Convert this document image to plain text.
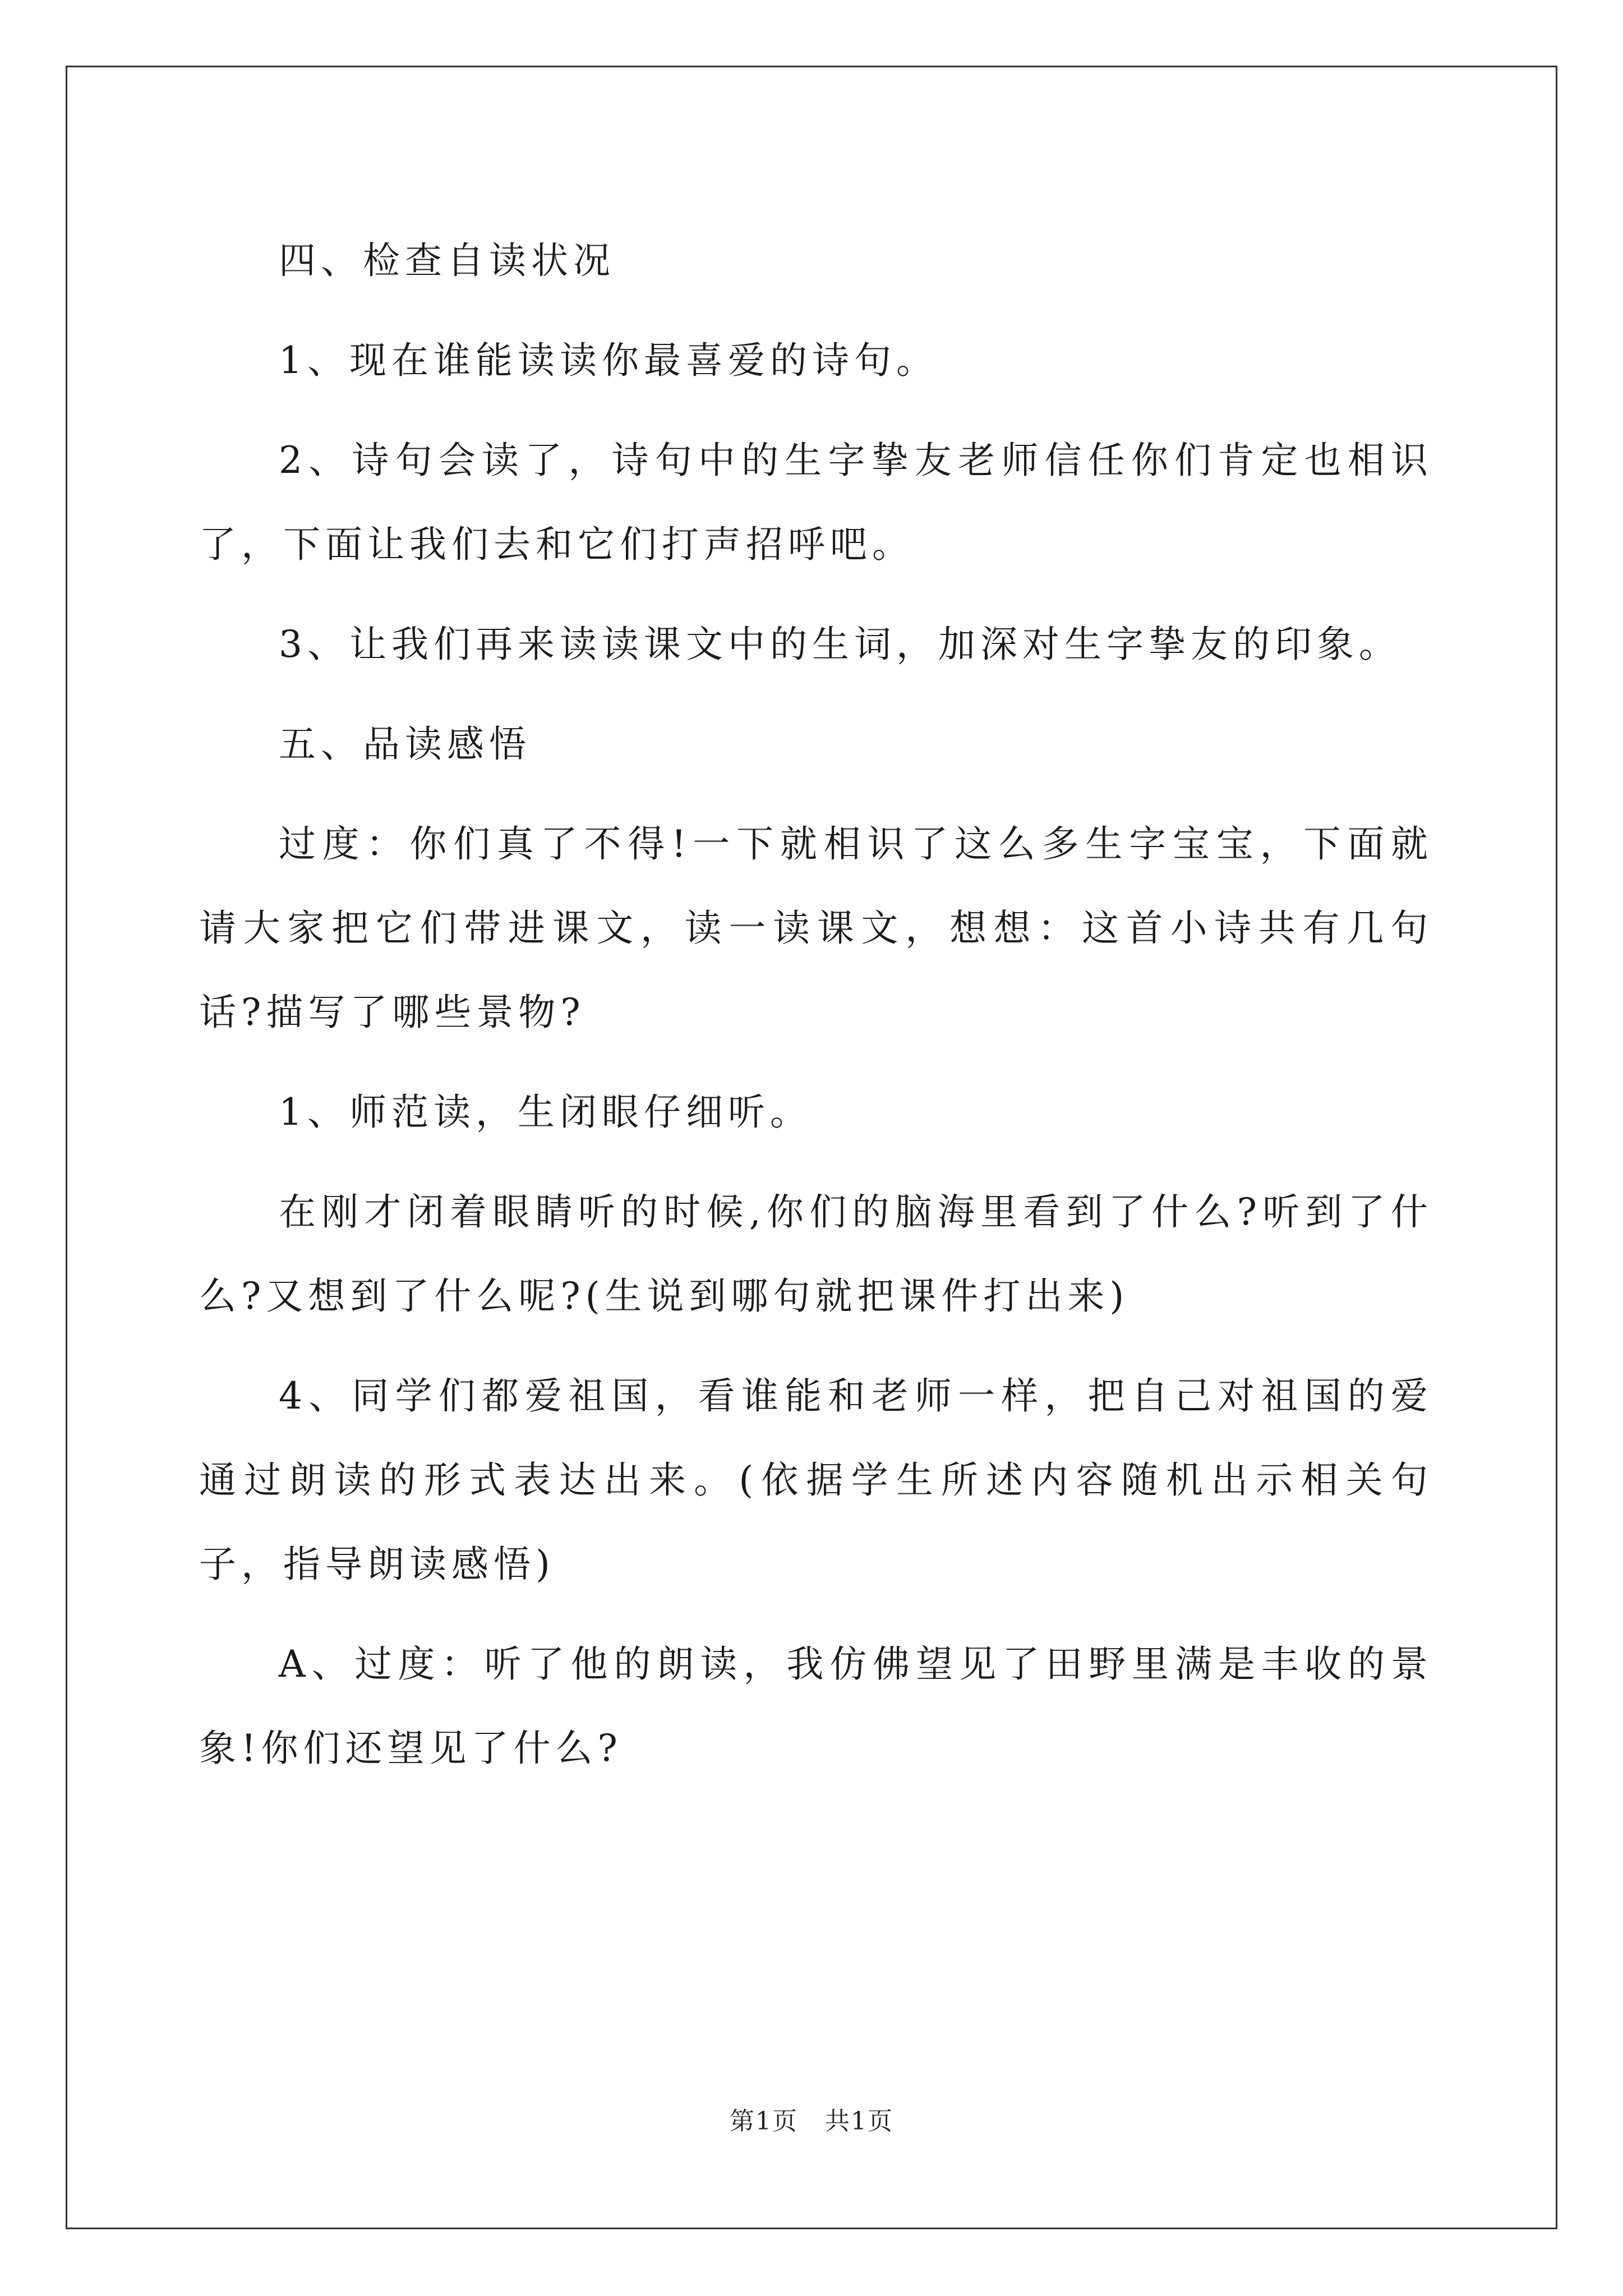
四、检查自读状况

1、现在谁能读读你最喜爱的诗句。

2、诗句会读了，诗句中的生字挚友老师信任你们肯定也相识了，下面让我们去和它们打声招呼吧。

3、让我们再来读读课文中的生词，加深对生字挚友的印象。

五、品读感悟

过度：你们真了不得!一下就相识了这么多生字宝宝，下面就请大家把它们带进课文，读一读课文，想想：这首小诗共有几句话?描写了哪些景物?

1、师范读，生闭眼仔细听。

在刚才闭着眼睛听的时候,你们的脑海里看到了什么?听到了什么?又想到了什么呢?(生说到哪句就把课件打出来)

4、同学们都爱祖国，看谁能和老师一样，把自己对祖国的爱通过朗读的形式表达出来。(依据学生所述内容随机出示相关句子，指导朗读感悟)

A、过度：听了他的朗读，我仿佛望见了田野里满是丰收的景象!你们还望见了什么?

第1页 共1页
